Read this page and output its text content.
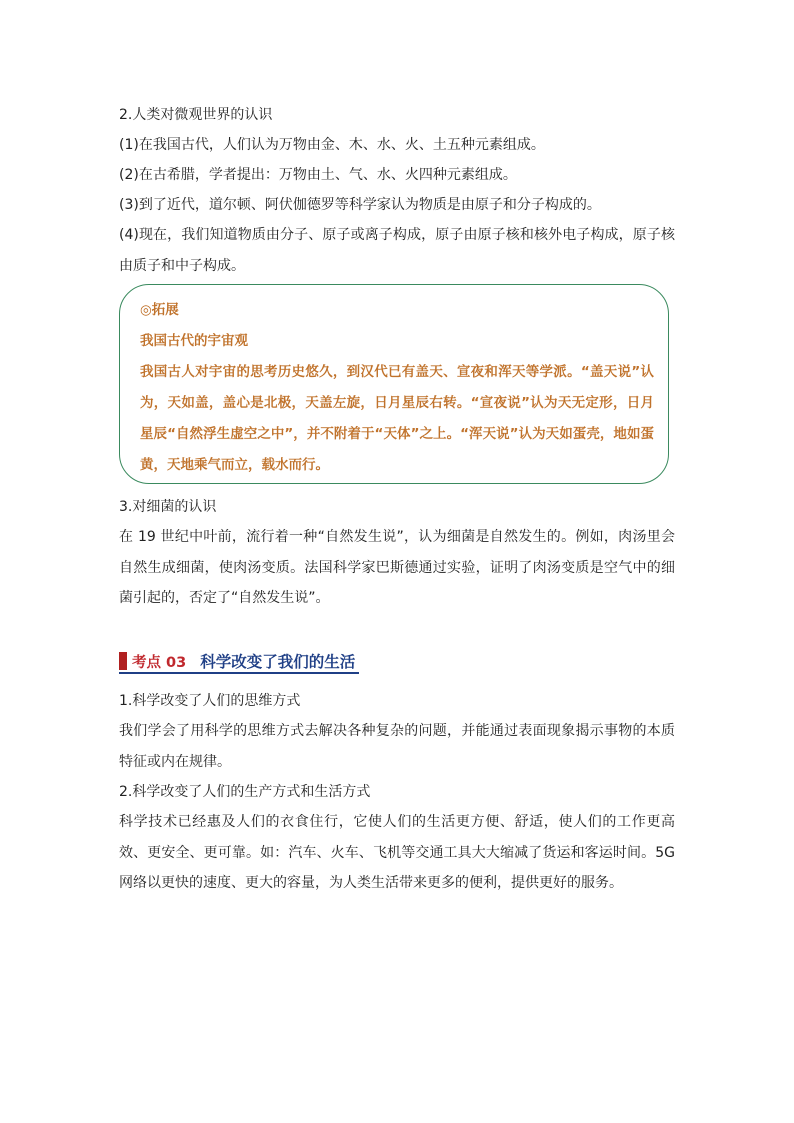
2.人类对微观世界的认识
(1)在我国古代，人们认为万物由金、木、水、火、土五种元素组成。
(2)在古希腊，学者提出：万物由土、气、水、火四种元素组成。
(3)到了近代，道尔顿、阿伏伽德罗等科学家认为物质是由原子和分子构成的。
(4)现在，我们知道物质由分子、原子或离子构成，原子由原子核和核外电子构成，原子核由质子和中子构成。
◎拓展
我国古代的宇宙观
我国古人对宇宙的思考历史悠久，到汉代已有盖天、宣夜和浑天等学派。“盖天说”认为，天如盖，盖心是北极，天盖左旋，日月星辰右转。“宣夜说”认为天无定形，日月星辰“自然浮生虚空之中”，并不附着于“天体”之上。“浑天说”认为天如蛋壳，地如蛋黄，天地乘气而立，载水而行。
3.对细菌的认识
在 19 世纪中叶前，流行着一种“自然发生说”，认为细菌是自然发生的。例如，肉汤里会自然生成细菌，使肉汤变质。法国科学家巴斯德通过实验，证明了肉汤变质是空气中的细菌引起的，否定了“自然发生说”。
考点 03 科学改变了我们的生活
1.科学改变了人们的思维方式
我们学会了用科学的思维方式去解决各种复杂的问题，并能通过表面现象揭示事物的本质特征或内在规律。
2.科学改变了人们的生产方式和生活方式
科学技术已经惠及人们的衣食住行，它使人们的生活更方便、舒适，使人们的工作更高效、更安全、更可靠。如：汽车、火车、飞机等交通工具大大缩减了货运和客运时间。5G 网络以更快的速度、更大的容量，为人类生活带来更多的便利，提供更好的服务。
